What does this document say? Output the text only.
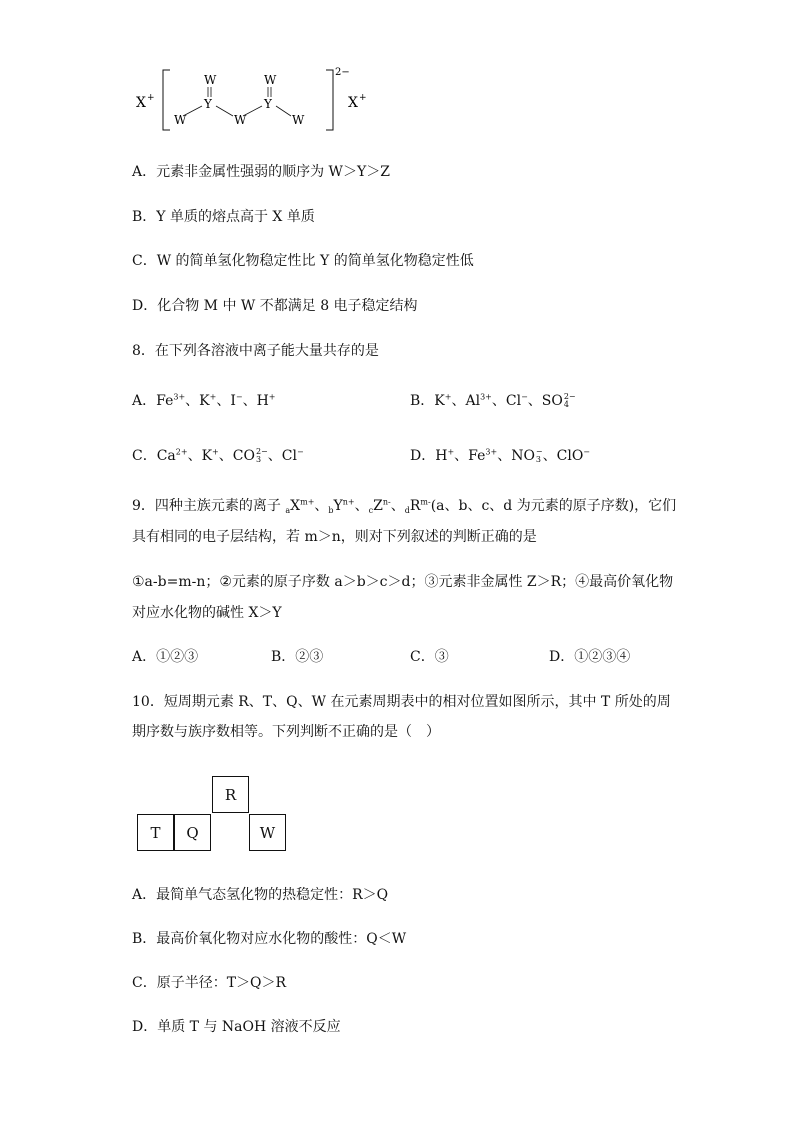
X +
2−
W
W
Y
W
W
Y
W
X +
A．元素非金属性强弱的顺序为 W＞Y＞Z
B．Y 单质的熔点高于 X 单质
C．W 的简单氢化物稳定性比 Y 的简单氢化物稳定性低
D．化合物 M 中 W 不都满足 8 电子稳定结构
8．在下列各溶液中离子能大量共存的是
A．$Fe^{3+}$、K+、I−、H+	B．K+、$Al^{3+}$、Cl−、SO 2−
4
C．$Ca^{2+}$、K+、CO 2−
3 、Cl−	D．H+、$Fe^{3+}$、NO −
3 、ClO−
9．四种主族元素的离子 $_aX^{m+}$、$_bY^{n+}$、$_cZ^{n-}$、$_dR^{m-}(a$、b、c、d 为元素的原子序数)，它们
具有相同的电子层结构，若 m＞n，则对下列叙述的判断正确的是
①a-b=m-n；②元素的原子序数 a＞b＞c＞d；③元素非金属性 Z＞R；④最高价氧化物
对应水化物的碱性 X＞Y
A．①②③	B．②③	C．③	D．①②③④
10．短周期元素 R、T、Q、W 在元素周期表中的相对位置如图所示，其中 T 所处的周
期序数与族序数相等。下列判断不正确的是（　）
R
T	Q	W
A．最简单气态氢化物的热稳定性：R＞Q
B．最高价氧化物对应水化物的酸性：Q＜W
C．原子半径：T＞Q＞R
D．单质 T 与 NaOH 溶液不反应
